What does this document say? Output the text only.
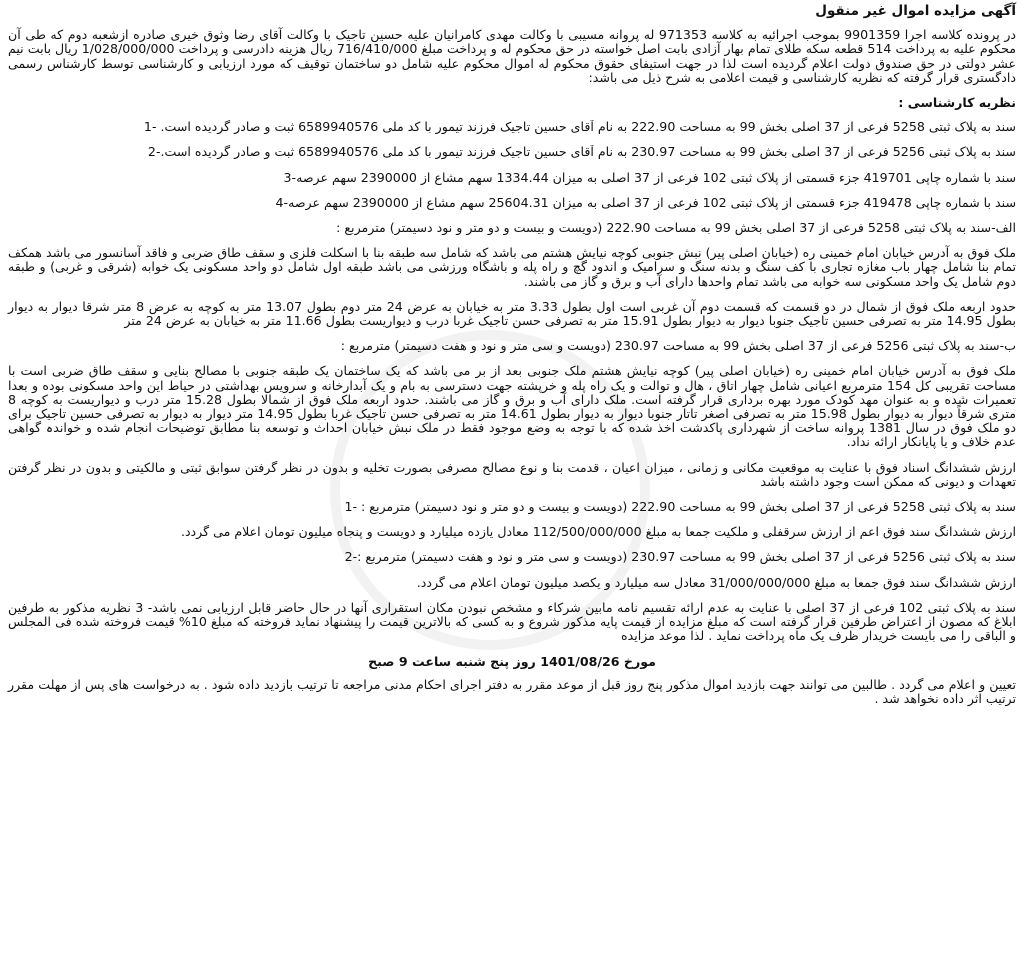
آگهی مزایده اموال غیر منقول
در پرونده کلاسه اجرا 9901359 بموجب اجرائیه به کلاسه 971353 له پروانه مسیبی با وکالت مهدی کامرانیان علیه حسین تاجیک با وکالت آقای رضا وثوق خیری صادره ازشعبه دوم که طی آن محکوم علیه به پرداخت 514 قطعه سکه طلای تمام بهار آزادی بابت اصل خواسته در حق محکوم له و پرداخت مبلغ 716/410/000 ریال هزینه دادرسی و پرداخت 1/028/000/000 ریال بابت نیم عشر دولتی در حق صندوق دولت اعلام گردیده است لذا در جهت استیفای حقوق محکوم له اموال محکوم علیه شامل دو ساختمان توقیف که مورد ارزیابی و کارشناسی توسط کارشناس رسمی دادگستری قرار گرفته که نظریه کارشناسی و قیمت اعلامی به شرح ذیل می باشد:
نظریه کارشناسی :
سند به پلاک ثبتی 5258 فرعی از 37 اصلی بخش 99 به مساحت 222.90 به نام آقای حسین تاجیک فرزند تیمور با کد ملی 6589940576 ثبت و صادر گردیده است. -1
سند به پلاک ثبتی 5256 فرعی از 37 اصلی بخش 99 به مساحت 230.97 به نام آقای حسین تاجیک فرزند تیمور با کد ملی 6589940576 ثبت و صادر گردیده است.-2
سند با شماره چاپی 419701 جزء قسمتی از پلاک ثبتی 102 فرعی از 37 اصلی به میزان 1334.44 سهم مشاع از 2390000 سهم عرصه-3
سند با شماره چاپی 419478 جزء قسمتی از پلاک ثبتی 102 فرعی از 37 اصلی به میزان 25604.31 سهم مشاع از 2390000 سهم عرصه-4
الف-سند به پلاک ثبتی 5258 فرعی از 37 اصلی بخش 99 به مساحت 222.90 (دویست و بیست و دو متر و نود دسیمتر) مترمربع :
ملک فوق به آدرس خیابان امام خمینی ره (خیابان اصلی پیر) نبش جنوبی کوچه نیایش هشتم می باشد که شامل سه طبقه بنا با اسکلت فلزی و سقف طاق ضربی و فاقد آسانسور می باشد همکف تمام بنا شامل چهار باب مغازه تجاری با کف سنگ و بدنه سنگ و سرامیک و اندود گچ و راه پله و باشگاه ورزشی می باشد طبقه اول شامل دو واحد مسکونی یک خوابه (شرقی و غربی) و طبقه دوم شامل یک واحد مسکونی سه خوابه می باشد تمام واحدها دارای آب و برق و گاز می باشند.
حدود اربعه ملک فوق از شمال در دو قسمت که قسمت دوم آن غربی است اول بطول 3.33 متر به خیابان به عرض 24 متر دوم بطول 13.07 متر به کوچه به عرض 8 متر شرقا دیوار به دیوار بطول 14.95 متر به تصرفی حسین تاجیک جنوبا دیوار به دیوار بطول 15.91 متر به تصرفی حسن تاجیک غربا درب و دیواریست بطول 11.66 متر به خیابان به عرض 24 متر
ب-سند به پلاک ثبتی 5256 فرعی از 37 اصلی بخش 99 به مساحت 230.97 (دویست و سی متر و نود و هفت دسیمتر) مترمربع :
ملک فوق به آدرس خیابان امام خمینی ره (خیابان اصلی پیر) کوچه نیایش هشتم ملک جنوبی بعد از بر می باشد که یک ساختمان یک طبقه جنوبی با مصالح بنایی و سقف طاق ضربی است با مساحت تقریبی کل 154 مترمربع اعیانی شامل چهار اتاق ، هال و توالت و یک راه پله و خرپشته جهت دسترسی به بام و یک آبدارخانه و سرویس بهداشتی در حیاط این واحد مسکونی بوده و بعدا تعمیرات شده و به عنوان مهد کودک مورد بهره برداری قرار گرفته است. ملک دارای آب و برق و گاز می باشند. حدود اربعه ملک فوق از شمالا بطول 15.28 متر درب و دیواریست به کوچه 8 متری شرقاً دیوار به دیوار بطول 15.98 متر به تصرفی اصغر تاتار جنوبا دیوار به دیوار بطول 14.61 متر به تصرفی حسن تاجیک غربا بطول 14.95 متر دیوار به دیوار به تصرفی حسین تاجیک برای دو ملک فوق در سال 1381 پروانه ساخت از شهرداری پاکدشت اخذ شده که با توجه به وضع موجود فقط در ملک نبش خیابان احداث و توسعه بنا مطابق توضیحات انجام شده و خواندہ گواهی عدم خلاف و یا پایانکار ارائه نداد.
ارزش ششدانگ اسناد فوق با عنایت به موقعیت مکانی و زمانی ، میزان اعیان ، قدمت بنا و نوع مصالح مصرفی بصورت تخلیه و بدون در نظر گرفتن سوابق ثبتی و مالکیتی و بدون در نظر گرفتن تعهدات و دیونی که ممکن است وجود داشته باشد
سند به پلاک ثبتی 5258 فرعی از 37 اصلی بخش 99 به مساحت 222.90 (دویست و بیست و دو متر و نود دسیمتر) مترمربع : -1
ارزش ششدانگ سند فوق اعم از ارزش سرقفلی و ملکیت جمعا به مبلغ 112/500/000/000 معادل یازده میلیارد و دویست و پنجاه میلیون تومان اعلام می گردد.
سند به پلاک ثبتی 5256 فرعی از 37 اصلی بخش 99 به مساحت 230.97 (دویست و سی متر و نود و هفت دسیمتر) مترمربع :-2
ارزش ششدانگ سند فوق جمعا به مبلغ 31/000/000/000 معادل سه میلیارد و یکصد میلیون تومان اعلام می گردد.
سند به پلاک ثبتی 102 فرعی از 37 اصلی با عنایت به عدم ارائه تقسیم نامه مابین شرکاء و مشخص نبودن مکان استقراری آنها در حال حاضر قابل ارزیابی نمی باشد- 3 نظریه مذکور به طرفین ابلاغ که مصون از اعتراض طرفین قرار گرفته است که مبلغ مزایده از قیمت پایه مذکور شروع و به کسی که بالاترین قیمت را پیشنهاد نماید فروخته که مبلغ 10% قیمت فروخته شده فی المجلس و الباقی را می بایست خریدار ظرف یک ماه پرداخت نماید . لذا موعد مزایده
مورخ 1401/08/26 روز پنج شنبه ساعت 9 صبح
تعیین و اعلام می گردد . طالبین می توانند جهت بازدید اموال مذکور پنج روز قبل از موعد مقرر به دفتر اجرای احکام مدنی مراجعه تا ترتیب بازدید داده شود . به درخواست های پس از مهلت مقرر ترتیب اثر داده نخواهد شد .
